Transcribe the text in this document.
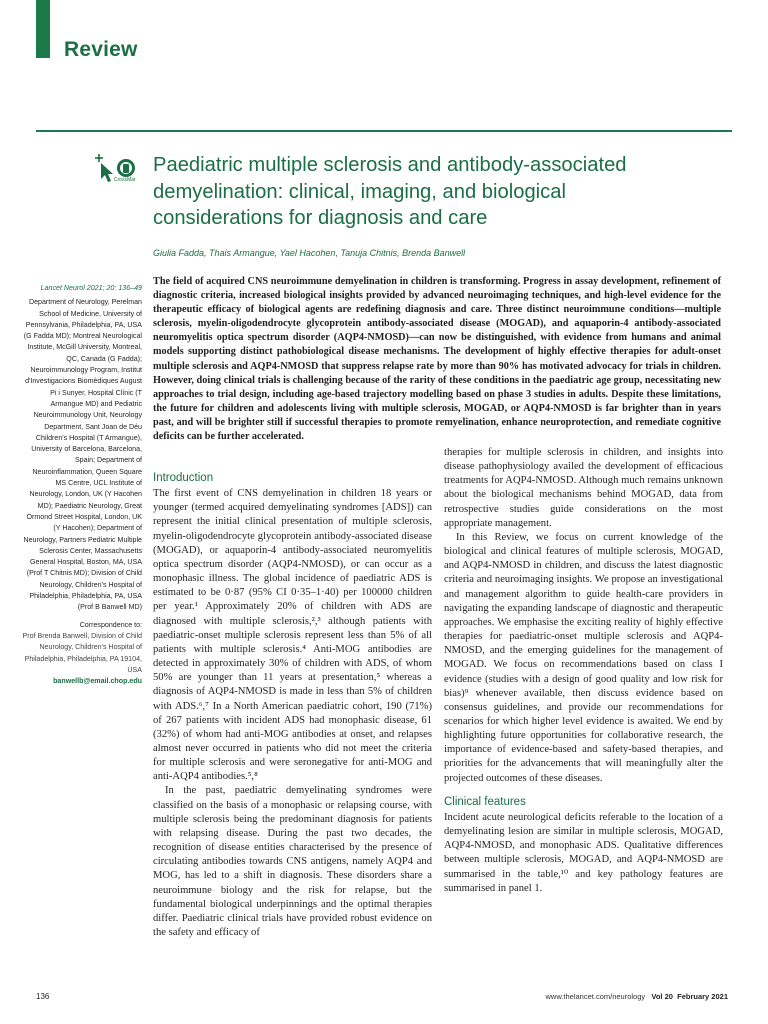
Review
CrossMark
Paediatric multiple sclerosis and antibody-associated demyelination: clinical, imaging, and biological considerations for diagnosis and care
Giulia Fadda, Thais Armangue, Yael Hacohen, Tanuja Chitnis, Brenda Banwell
Lancet Neurol 2021; 20: 136–49

Department of Neurology, Perelman School of Medicine, University of Pennsylvania, Philadelphia, PA, USA (G Fadda MD); Montreal Neurological Institute, McGill University, Montreal, QC, Canada (G Fadda); Neuroimmunology Program, Institut d'Investigacions Biomèdiques August Pi i Sunyer, Hospital Clínic (T Armangue MD) and Pediatric Neuroimmunology Unit, Neurology Department, Sant Joan de Déu Children's Hospital (T Armangue), University of Barcelona, Barcelona, Spain; Department of Neuroinflammation, Queen Square MS Centre, UCL Institute of Neurology, London, UK (Y Hacohen MD); Paediatric Neurology, Great Ormond Street Hospital, London, UK (Y Hacohen); Department of Neurology, Partners Pediatric Multiple Sclerosis Center, Massachusetts General Hospital, Boston, MA, USA (Prof T Chitnis MD); Division of Child Neurology, Children's Hospital of Philadelphia, Philadelphia, PA, USA (Prof B Banwell MD)

Correspondence to:
Prof Brenda Banwell, Division of Child Neurology, Children's Hospital of Philadelphia, Philadelphia, PA 19104, USA
banwellb@email.chop.edu

The field of acquired CNS neuroimmune demyelination in children is transforming. Progress in assay development, refinement of diagnostic criteria, increased biological insights provided by advanced neuroimaging techniques, and high-level evidence for the therapeutic efficacy of biological agents are redefining diagnosis and care. Three distinct neuroimmune conditions—multiple sclerosis, myelin-oligodendrocyte glycoprotein antibody-associated disease (MOGAD), and aquaporin-4 antibody-associated neuromyelitis optica spectrum disorder (AQP4-NMOSD)—can now be distinguished, with evidence from humans and animal models supporting distinct pathobiological disease mechanisms. The development of highly effective therapies for adult-onset multiple sclerosis and AQP4-NMOSD that suppress relapse rate by more than 90% has motivated advocacy for trials in children. However, doing clinical trials is challenging because of the rarity of these conditions in the paediatric age group, necessitating new approaches to trial design, including age-based trajectory modelling based on phase 3 studies in adults. Despite these limitations, the future for children and adolescents living with multiple sclerosis, MOGAD, or AQP4-NMOSD is far brighter than in years past, and will be brighter still if successful therapies to promote remyelination, enhance neuroprotection, and remediate cognitive deficits can be further accelerated.

Introduction

The first event of CNS demyelination in children 18 years or younger (termed acquired demyelinating syndromes [ADS]) can represent the initial clinical presentation of multiple sclerosis, myelin-oligodendrocyte glycoprotein antibody-associated disease (MOGAD), or aquaporin-4 antibody-associated neuromyelitis optica spectrum disorder (AQP4-NMOSD), or can occur as a monophasic illness. The global incidence of paediatric ADS is estimated to be 0·87 (95% CI 0·35–1·40) per 100000 children per year.¹ Approximately 20% of children with ADS are diagnosed with multiple sclerosis,²,³ although patients with paediatric-onset multiple sclerosis represent less than 5% of all patients with multiple sclerosis.⁴ Anti-MOG antibodies are detected in approximately 30% of children with ADS, of whom 50% are younger than 11 years at presentation,⁵ whereas a diagnosis of AQP4-NMOSD is made in less than 5% of children with ADS.⁶,⁷ In a North American paediatric cohort, 190 (71%) of 267 patients with incident ADS had monophasic disease, 61 (32%) of whom had anti-MOG antibodies at onset, and relapses almost never occurred in patients who did not meet the criteria for multiple sclerosis and were seronegative for anti-MOG and anti-AQP4 antibodies.⁵,⁸

In the past, paediatric demyelinating syndromes were classified on the basis of a monophasic or relapsing course, with multiple sclerosis being the predominant diagnosis for patients with relapsing disease. During the past two decades, the recognition of disease entities characterised by the presence of circulating antibodies towards CNS antigens, namely AQP4 and MOG, has led to a shift in diagnosis. These disorders share a neuroimmune biology and the risk for relapse, but the fundamental biological underpinnings and the optimal therapies differ. Paediatric clinical trials have provided robust evidence on the safety and efficacy of

therapies for multiple sclerosis in children, and insights into disease pathophysiology availed the development of efficacious treatments for AQP4-NMOSD. Although much remains unknown about the biological mechanisms behind MOGAD, data from retrospective studies guide considerations on the most appropriate management.

In this Review, we focus on current knowledge of the biological and clinical features of multiple sclerosis, MOGAD, and AQP4-NMOSD in children, and discuss the latest diagnostic criteria and neuroimaging insights. We propose an investigational and management algorithm to guide health-care providers in navigating the expanding landscape of diagnostic and therapeutic approaches. We emphasise the exciting reality of highly effective therapies for paediatric-onset multiple sclerosis and AQP4-NMOSD, and the emerging guidelines for the management of MOGAD. We focus on recommendations based on class I evidence (studies with a design of good quality and low risk for bias)⁹ whenever available, then discuss evidence based on consensus guidelines, and provide our recommendations for scenarios for which higher level evidence is awaited. We end by highlighting future opportunities for collaborative research, the importance of evidence-based and safety-based therapies, and priorities for the advancements that will meaningfully alter the projected outcomes of these diseases.

Clinical features

Incident acute neurological deficits referable to the location of a demyelinating lesion are similar in multiple sclerosis, MOGAD, AQP4-NMOSD, and monophasic ADS. Qualitative differences between multiple sclerosis, MOGAD, and AQP4-NMOSD are summarised in the table,¹⁰ and key pathology features are summarised in panel 1.

136	www.thelancet.com/neurology Vol 20 February 2021
